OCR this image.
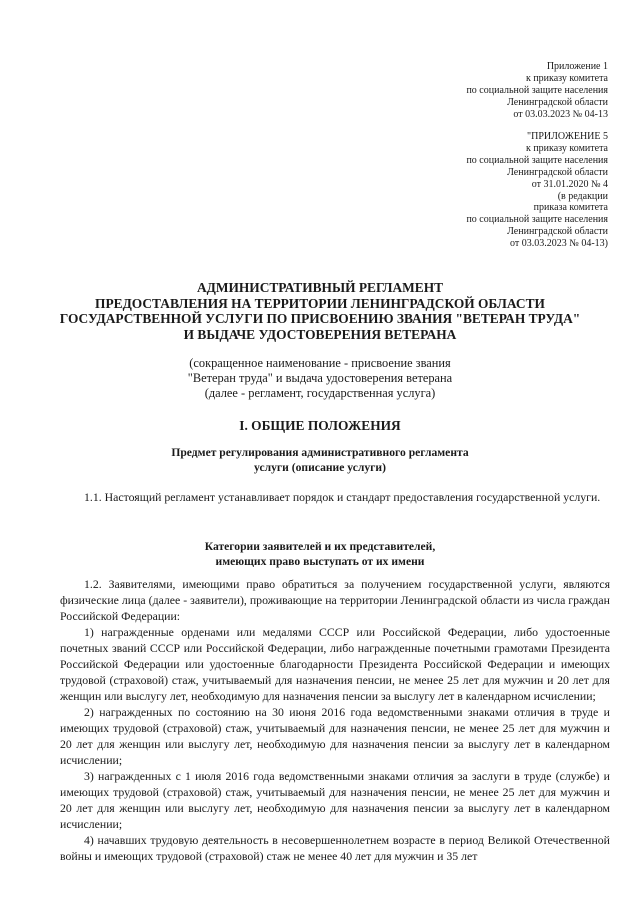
Приложение 1
к приказу комитета
по социальной защите населения
Ленинградской области
от 03.03.2023 № 04-13
"ПРИЛОЖЕНИЕ 5
к приказу комитета
по социальной защите населения
Ленинградской области
от 31.01.2020 № 4
(в редакции
приказа комитета
по социальной защите населения
Ленинградской области
от 03.03.2023 № 04-13)
АДМИНИСТРАТИВНЫЙ РЕГЛАМЕНТ
ПРЕДОСТАВЛЕНИЯ НА ТЕРРИТОРИИ ЛЕНИНГРАДСКОЙ ОБЛАСТИ
ГОСУДАРСТВЕННОЙ УСЛУГИ ПО ПРИСВОЕНИЮ ЗВАНИЯ "ВЕТЕРАН ТРУДА"
И ВЫДАЧЕ УДОСТОВЕРЕНИЯ ВЕТЕРАНА
(сокращенное наименование - присвоение звания
"Ветеран труда" и выдача удостоверения ветерана
(далее - регламент, государственная услуга)
I. ОБЩИЕ ПОЛОЖЕНИЯ
Предмет регулирования административного регламента
услуги (описание услуги)

1.1. Настоящий регламент устанавливает порядок и стандарт предоставления государственной услуги.

Категории заявителей и их представителей,
имеющих право выступать от их имени

1.2. Заявителями, имеющими право обратиться за получением государственной услуги, являются физические лица (далее - заявители), проживающие на территории Ленинградской области из числа граждан Российской Федерации:

1) награжденные орденами или медалями СССР или Российской Федерации, либо удостоенные почетных званий СССР или Российской Федерации, либо награжденные почетными грамотами Президента Российской Федерации или удостоенные благодарности Президента Российской Федерации и имеющих трудовой (страховой) стаж, учитываемый для назначения пенсии, не менее 25 лет для мужчин и 20 лет для женщин или выслугу лет, необходимую для назначения пенсии за выслугу лет в календарном исчислении;

2) награжденных по состоянию на 30 июня 2016 года ведомственными знаками отличия в труде и имеющих трудовой (страховой) стаж, учитываемый для назначения пенсии, не менее 25 лет для мужчин и 20 лет для женщин или выслугу лет, необходимую для назначения пенсии за выслугу лет в календарном исчислении;

3) награжденных с 1 июля 2016 года ведомственными знаками отличия за заслуги в труде (службе) и имеющих трудовой (страховой) стаж, учитываемый для назначения пенсии, не менее 25 лет для мужчин и 20 лет для женщин или выслугу лет, необходимую для назначения пенсии за выслугу лет в календарном исчислении;

4) начавших трудовую деятельность в несовершеннолетнем возрасте в период Великой Отечественной войны и имеющих трудовой (страховой) стаж не менее 40 лет для мужчин и 35 лет
